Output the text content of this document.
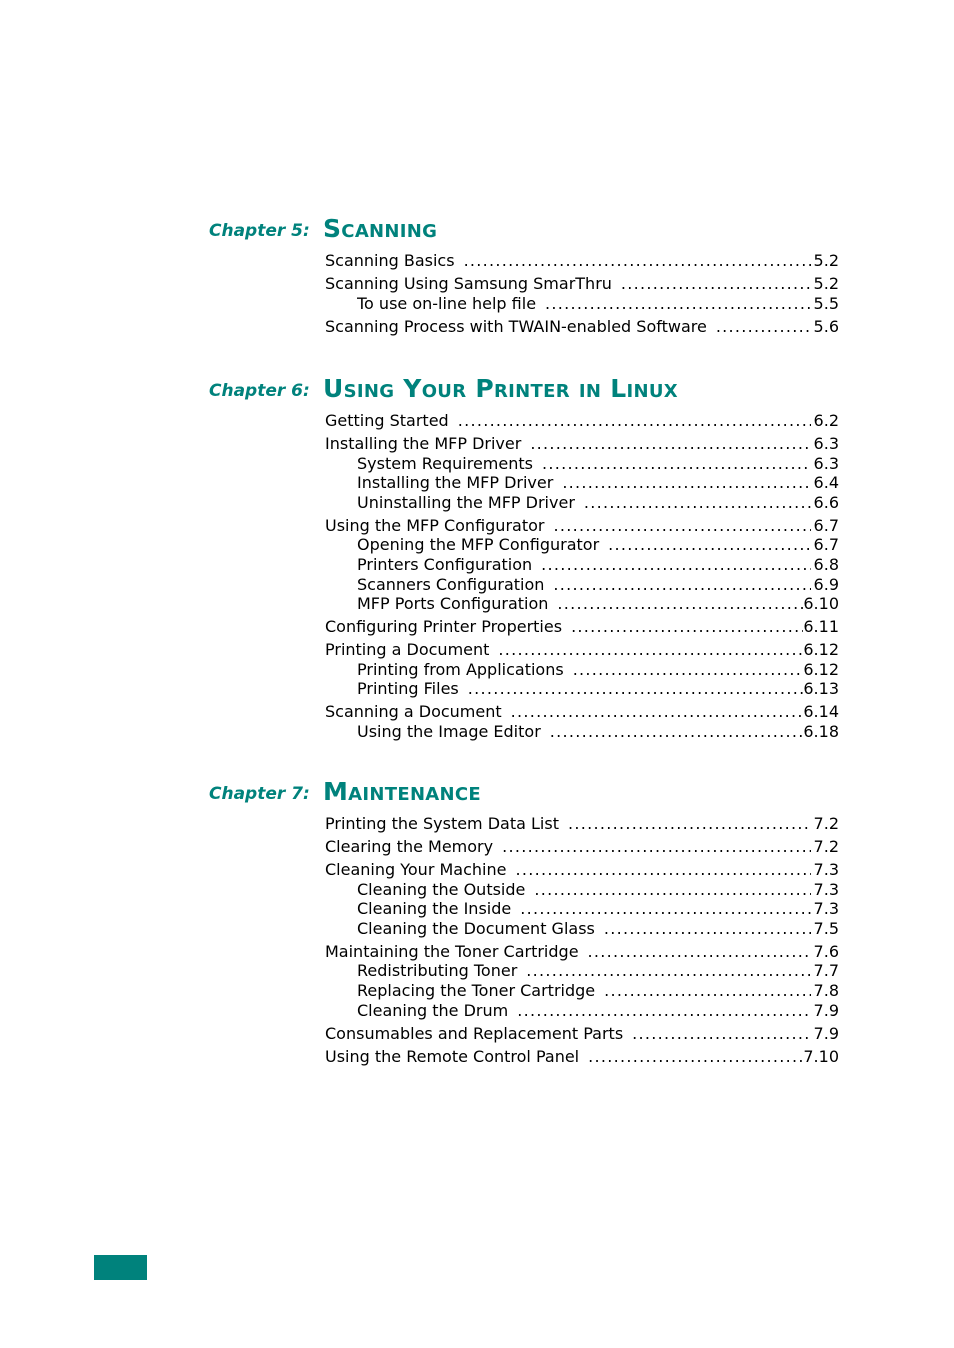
Chapter 5: Scanning
Scanning Basics . . .	5.2
Scanning Using Samsung SmarThru . . .	5.2
To use on-line help file . . .	5.5
Scanning Process with TWAIN-enabled Software . . .	5.6
Chapter 6: Using Your Printer in Linux
Getting Started . . .	6.2
Installing the MFP Driver . . .	6.3
System Requirements . . .	6.3
Installing the MFP Driver . . .	6.4
Uninstalling the MFP Driver . . .	6.6
Using the MFP Configurator . . .	6.7
Opening the MFP Configurator . . .	6.7
Printers Configuration . . .	6.8
Scanners Configuration . . .	6.9
MFP Ports Configuration . . .	6.10
Configuring Printer Properties . . .	6.11
Printing a Document . . .	6.12
Printing from Applications . . .	6.12
Printing Files . . .	6.13
Scanning a Document . . .	6.14
Using the Image Editor . . .	6.18
Chapter 7: Maintenance
Printing the System Data List . . .	7.2
Clearing the Memory . . .	7.2
Cleaning Your Machine . . .	7.3
Cleaning the Outside . . .	7.3
Cleaning the Inside . . .	7.3
Cleaning the Document Glass . . .	7.5
Maintaining the Toner Cartridge . . .	7.6
Redistributing Toner . . .	7.7
Replacing the Toner Cartridge . . .	7.8
Cleaning the Drum . . .	7.9
Consumables and Replacement Parts . . .	7.9
Using the Remote Control Panel . . .	7.10
